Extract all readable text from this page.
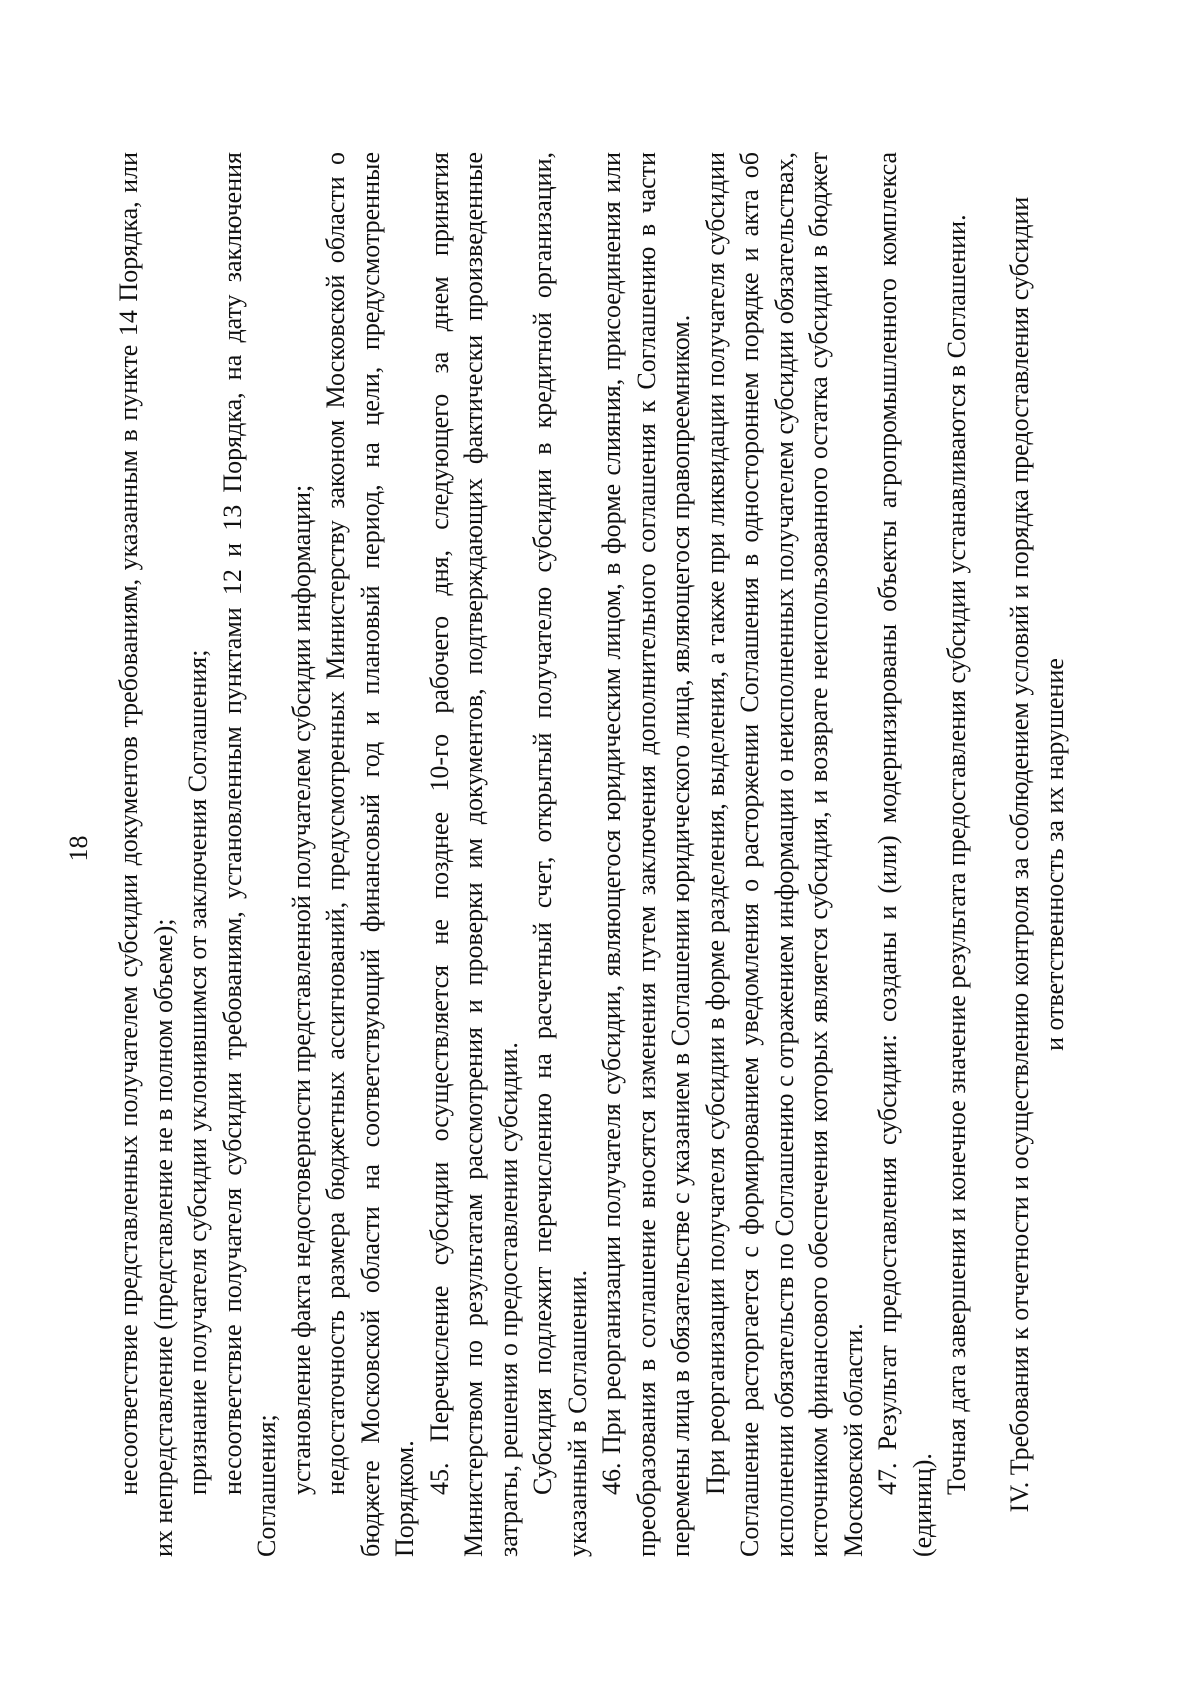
18 несоответствие представленных получателем субсидии документов требованиям, указанным в пункте 14 Порядка, или их непредставление (представление не в полном объеме); признание получателя субсидии уклонившимся от заключения Соглашения; несоответствие получателя субсидии требованиям, установленным пунктами 12 и 13 Порядка, на дату заключения Соглашения; установление факта недостоверности представленной получателем субсидии информации; недостаточность размера бюджетных ассигнований, предусмотренных Министерству законом Московской области о бюджете Московской области на соответствующий финансовый год и плановый период, на цели, предусмотренные Порядком.

45. Перечисление субсидии осуществляется не позднее 10-го рабочего дня, следующего за днем принятия Министерством по результатам рассмотрения и проверки им документов, подтверждающих фактически произведенные затраты, решения о предоставлении субсидии. Субсидия подлежит перечислению на расчетный счет, открытый получателю субсидии в кредитной организации, указанный в Соглашении. 46. При реорганизации получателя субсидии, являющегося юридическим лицом, в форме слияния, присоединения или преобразования в соглашение вносятся изменения путем заключения дополнительного соглашения к Соглашению в части перемены лица в обязательстве с указанием в Соглашении юридического лица, являющегося правопреемником. При реорганизации получателя субсидии в форме разделения, выделения, а также при ликвидации получателя субсидии Соглашение расторгается с формированием уведомления о расторжении Соглашения в одностороннем порядке и акта об исполнении обязательств по Соглашению с отражением информации о неисполненных получателем субсидии обязательствах, источником финансового обеспечения которых является субсидия, и возврате неиспользованного остатка субсидии в бюджет Московской области. 47. Результат предоставления субсидии: созданы и (или) модернизированы объекты агропромышленного комплекса (единиц).

Точная дата завершения и конечное значение результата предоставления субсидии устанавливаются в Соглашении. IV. Требования к отчетности и осуществлению контроля за соблюдением условий и порядка предоставления субсидии и ответственность за их нарушение
